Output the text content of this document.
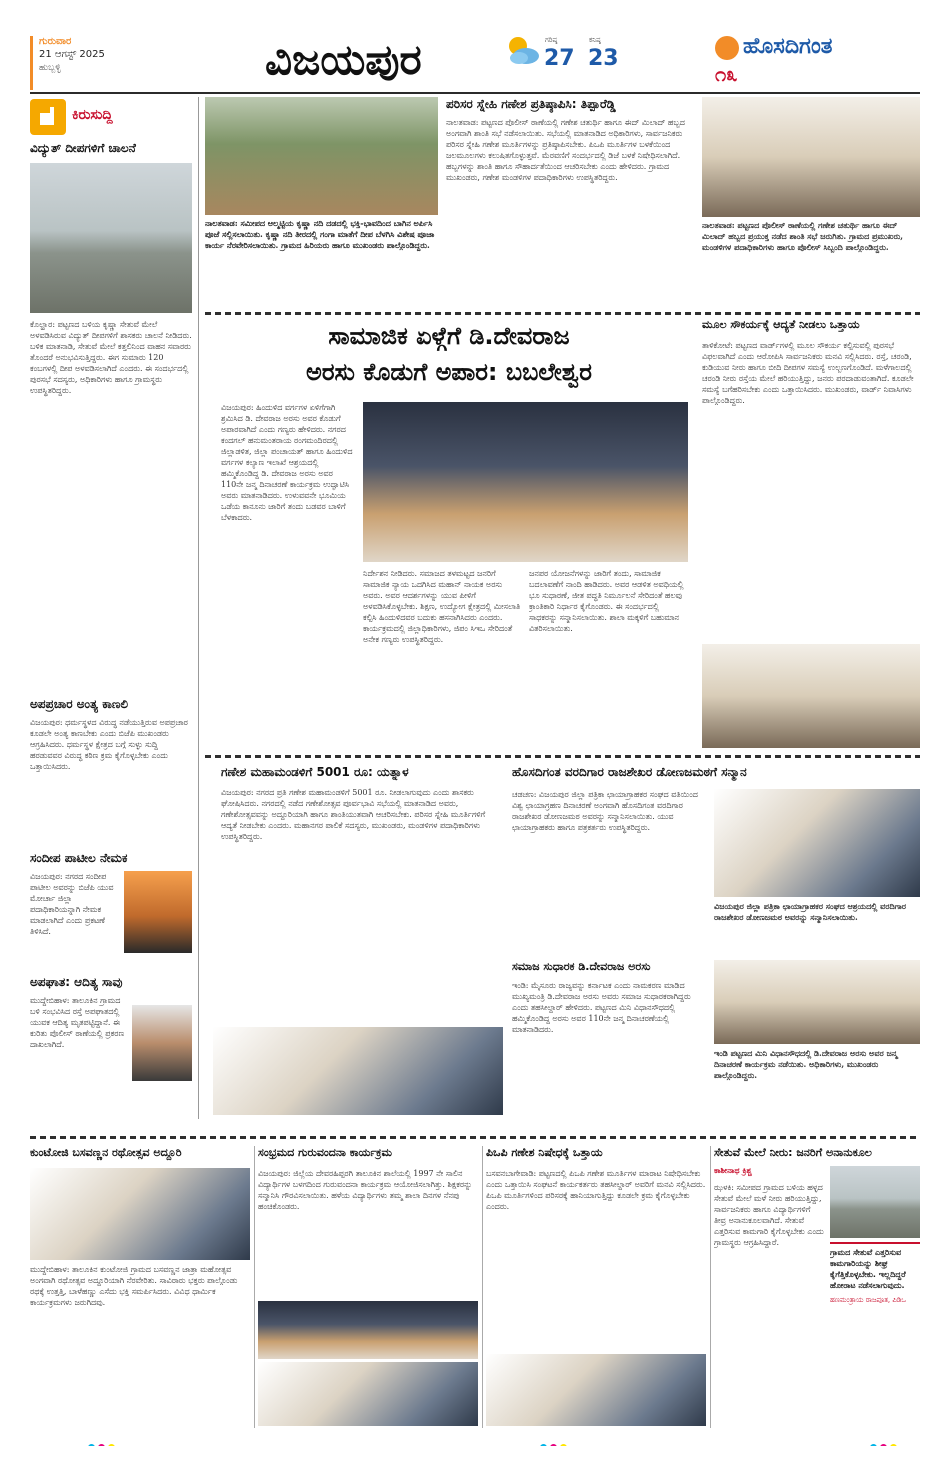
ಗುರುವಾರ
21 ಆಗಸ್ಟ್ 2025
ಹುಬ್ಬಳ್ಳಿ	ವಿಜಯಪುರ	ಗರಿಷ್ಠ
27
ಕನಿಷ್ಠ
23	ಹೊಸದಿಗಂತ
೧೩
ಕಿರುಸುದ್ದಿ
ವಿದ್ಯುತ್ ದೀಪಗಳಿಗೆ ಚಾಲನೆ
ಕೊಲ್ಹಾರ: ಪಟ್ಟಣದ ಬಳಿಯ ಕೃಷ್ಣಾ ಸೇತುವೆ ಮೇಲೆ ಅಳವಡಿಸಿರುವ ವಿದ್ಯುತ್ ದೀಪಗಳಿಗೆ ಶಾಸಕರು ಚಾಲನೆ ನೀಡಿದರು. ಬಳಿಕ ಮಾತನಾಡಿ, ಸೇತುವೆ ಮೇಲೆ ಕತ್ತಲಿನಿಂದ ವಾಹನ ಸವಾರರು ತೊಂದರೆ ಅನುಭವಿಸುತ್ತಿದ್ದರು. ಈಗ ಸುಮಾರು 120 ಕಂಬಗಳಲ್ಲಿ ದೀಪ ಅಳವಡಿಸಲಾಗಿದೆ ಎಂದರು. ಈ ಸಂದರ್ಭದಲ್ಲಿ ಪುರಸಭೆ ಸದಸ್ಯರು, ಅಧಿಕಾರಿಗಳು ಹಾಗೂ ಗ್ರಾಮಸ್ಥರು ಉಪಸ್ಥಿತರಿದ್ದರು.
ಅಪಪ್ರಚಾರ ಅಂತ್ಯ ಕಾಣಲಿ
ವಿಜಯಪುರ: ಧರ್ಮಸ್ಥಳದ ವಿರುದ್ಧ ನಡೆಯುತ್ತಿರುವ ಅಪಪ್ರಚಾರ ಕೂಡಲೇ ಅಂತ್ಯ ಕಾಣಬೇಕು ಎಂದು ಬಿಜೆಪಿ ಮುಖಂಡರು ಆಗ್ರಹಿಸಿದರು. ಧರ್ಮಸ್ಥಳ ಕ್ಷೇತ್ರದ ಬಗ್ಗೆ ಸುಳ್ಳು ಸುದ್ದಿ ಹರಡುವವರ ವಿರುದ್ಧ ಕಠಿಣ ಕ್ರಮ ಕೈಗೊಳ್ಳಬೇಕು ಎಂದು ಒತ್ತಾಯಿಸಿದರು.
ಸಂದೀಪ ಪಾಟೀಲ ನೇಮಕ
ವಿಜಯಪುರ: ನಗರದ ಸಂದೀಪ ಪಾಟೀಲ ಅವರನ್ನು ಬಿಜೆಪಿ ಯುವ ಮೋರ್ಚಾ ಜಿಲ್ಲಾ ಪದಾಧಿಕಾರಿಯನ್ನಾಗಿ ನೇಮಕ ಮಾಡಲಾಗಿದೆ ಎಂದು ಪ್ರಕಟಣೆ ತಿಳಿಸಿದೆ.
ಅಪಘಾತ: ಆದಿತ್ಯ ಸಾವು
ಮುದ್ದೇಬಿಹಾಳ: ತಾಲೂಕಿನ ಗ್ರಾಮದ ಬಳಿ ಸಂಭವಿಸಿದ ರಸ್ತೆ ಅಪಘಾತದಲ್ಲಿ ಯುವಕ ಆದಿತ್ಯ ಮೃತಪಟ್ಟಿದ್ದಾನೆ. ಈ ಕುರಿತು ಪೊಲೀಸ್ ಠಾಣೆಯಲ್ಲಿ ಪ್ರಕರಣ ದಾಖಲಾಗಿದೆ.
ನಾಲತವಾಡ: ಸಮೀಪದ ಆಲ್ಮಟ್ಟಿಯ ಕೃಷ್ಣಾ ನದಿ ದಡದಲ್ಲಿ ಭಕ್ತಿ-ಭಾವದಿಂದ ಬಾಗಿನ ಅರ್ಪಿಸಿ ಪೂಜೆ ಸಲ್ಲಿಸಲಾಯಿತು. ಕೃಷ್ಣಾ ನದಿ ತೀರದಲ್ಲಿ ಗಂಗಾ ಮಾತೆಗೆ ದೀಪ ಬೆಳಗಿಸಿ ವಿಶೇಷ ಪೂಜಾ ಕಾರ್ಯ ನೆರವೇರಿಸಲಾಯಿತು. ಗ್ರಾಮದ ಹಿರಿಯರು ಹಾಗೂ ಮುಖಂಡರು ಪಾಲ್ಗೊಂಡಿದ್ದರು.
ಪರಿಸರ ಸ್ನೇಹಿ ಗಣೇಶ ಪ್ರತಿಷ್ಠಾಪಿಸಿ: ತಿಪ್ಪಾರೆಡ್ಡಿ
ನಾಲತವಾಡ: ಪಟ್ಟಣದ ಪೊಲೀಸ್ ಠಾಣೆಯಲ್ಲಿ ಗಣೇಶ ಚತುರ್ಥಿ ಹಾಗೂ ಈದ್ ಮಿಲಾದ್ ಹಬ್ಬದ ಅಂಗವಾಗಿ ಶಾಂತಿ ಸಭೆ ನಡೆಸಲಾಯಿತು. ಸಭೆಯಲ್ಲಿ ಮಾತನಾಡಿದ ಅಧಿಕಾರಿಗಳು, ಸಾರ್ವಜನಿಕರು ಪರಿಸರ ಸ್ನೇಹಿ ಗಣೇಶ ಮೂರ್ತಿಗಳನ್ನು ಪ್ರತಿಷ್ಠಾಪಿಸಬೇಕು. ಪಿಒಪಿ ಮೂರ್ತಿಗಳ ಬಳಕೆಯಿಂದ ಜಲಮೂಲಗಳು ಕಲುಷಿತಗೊಳ್ಳುತ್ತವೆ. ಮೆರವಣಿಗೆ ಸಂದರ್ಭದಲ್ಲಿ ಡಿಜೆ ಬಳಕೆ ನಿಷೇಧಿಸಲಾಗಿದೆ. ಹಬ್ಬಗಳನ್ನು ಶಾಂತಿ ಹಾಗೂ ಸೌಹಾರ್ದತೆಯಿಂದ ಆಚರಿಸಬೇಕು ಎಂದು ಹೇಳಿದರು. ಗ್ರಾಮದ ಮುಖಂಡರು, ಗಣೇಶ ಮಂಡಳಿಗಳ ಪದಾಧಿಕಾರಿಗಳು ಉಪಸ್ಥಿತರಿದ್ದರು.
ನಾಲತವಾಡ: ಪಟ್ಟಣದ ಪೊಲೀಸ್ ಠಾಣೆಯಲ್ಲಿ ಗಣೇಶ ಚತುರ್ಥಿ ಹಾಗೂ ಈದ್ ಮಿಲಾದ್ ಹಬ್ಬದ ಪ್ರಯುಕ್ತ ನಡೆದ ಶಾಂತಿ ಸಭೆ ಜರುಗಿತು. ಗ್ರಾಮದ ಪ್ರಮುಖರು, ಮಂಡಳಿಗಳ ಪದಾಧಿಕಾರಿಗಳು ಹಾಗೂ ಪೊಲೀಸ್ ಸಿಬ್ಬಂದಿ ಪಾಲ್ಗೊಂಡಿದ್ದರು.
ಸಾಮಾಜಿಕ ಏಳ್ಗೆಗೆ ಡಿ.ದೇವರಾಜ
ಅರಸು ಕೊಡುಗೆ ಅಪಾರ: ಬಬಲೇಶ್ವರ
ವಿಜಯಪುರ: ಹಿಂದುಳಿದ ವರ್ಗಗಳ ಏಳಿಗೆಗಾಗಿ ಶ್ರಮಿಸಿದ ಡಿ. ದೇವರಾಜ ಅರಸು ಅವರ ಕೊಡುಗೆ ಅಪಾರವಾಗಿದೆ ಎಂದು ಗಣ್ಯರು ಹೇಳಿದರು. ನಗರದ ಕಂದಗಲ್ ಹನುಮಂತರಾಯ ರಂಗಮಂದಿರದಲ್ಲಿ ಜಿಲ್ಲಾಡಳಿತ, ಜಿಲ್ಲಾ ಪಂಚಾಯತ್ ಹಾಗೂ ಹಿಂದುಳಿದ ವರ್ಗಗಳ ಕಲ್ಯಾಣ ಇಲಾಖೆ ಆಶ್ರಯದಲ್ಲಿ ಹಮ್ಮಿಕೊಂಡಿದ್ದ ಡಿ. ದೇವರಾಜ ಅರಸು ಅವರ 110ನೇ ಜನ್ಮ ದಿನಾಚರಣೆ ಕಾರ್ಯಕ್ರಮ ಉದ್ಘಾಟಿಸಿ ಅವರು ಮಾತನಾಡಿದರು. ಉಳುವವನೇ ಭೂಮಿಯ ಒಡೆಯ ಕಾನೂನು ಜಾರಿಗೆ ತಂದು ಬಡವರ ಬಾಳಿಗೆ ಬೆಳಕಾದರು.
ನಿರ್ದೇಶನ ನೀಡಿದರು. ಸಮಾಜದ ತಳಮಟ್ಟದ ಜನರಿಗೆ ಸಾಮಾಜಿಕ ನ್ಯಾಯ ಒದಗಿಸಿದ ಮಹಾನ್ ನಾಯಕ ಅರಸು ಅವರು. ಅವರ ಆದರ್ಶಗಳನ್ನು ಯುವ ಪೀಳಿಗೆ ಅಳವಡಿಸಿಕೊಳ್ಳಬೇಕು. ಶಿಕ್ಷಣ, ಉದ್ಯೋಗ ಕ್ಷೇತ್ರದಲ್ಲಿ ಮೀಸಲಾತಿ ಕಲ್ಪಿಸಿ ಹಿಂದುಳಿದವರ ಬದುಕು ಹಸನಾಗಿಸಿದರು ಎಂದರು. ಕಾರ್ಯಕ್ರಮದಲ್ಲಿ ಜಿಲ್ಲಾಧಿಕಾರಿಗಳು, ಜಿಪಂ ಸಿಇಒ ಸೇರಿದಂತೆ ಅನೇಕ ಗಣ್ಯರು ಉಪಸ್ಥಿತರಿದ್ದರು.
ಜನಪರ ಯೋಜನೆಗಳನ್ನು ಜಾರಿಗೆ ತಂದು, ಸಾಮಾಜಿಕ ಬದಲಾವಣೆಗೆ ನಾಂದಿ ಹಾಡಿದರು. ಅವರ ಆಡಳಿತ ಅವಧಿಯಲ್ಲಿ ಭೂ ಸುಧಾರಣೆ, ಜೀತ ಪದ್ಧತಿ ನಿರ್ಮೂಲನೆ ಸೇರಿದಂತೆ ಹಲವು ಕ್ರಾಂತಿಕಾರಿ ನಿರ್ಧಾರ ಕೈಗೊಂಡರು. ಈ ಸಂದರ್ಭದಲ್ಲಿ ಸಾಧಕರನ್ನು ಸನ್ಮಾನಿಸಲಾಯಿತು. ಶಾಲಾ ಮಕ್ಕಳಿಗೆ ಬಹುಮಾನ ವಿತರಿಸಲಾಯಿತು.
ಮೂಲ ಸೌಕರ್ಯಕ್ಕೆ ಆದ್ಯತೆ ನೀಡಲು ಒತ್ತಾಯ
ತಾಳಿಕೋಟೆ: ಪಟ್ಟಣದ ವಾರ್ಡ್‌ಗಳಲ್ಲಿ ಮೂಲ ಸೌಕರ್ಯ ಕಲ್ಪಿಸುವಲ್ಲಿ ಪುರಸಭೆ ವಿಫಲವಾಗಿದೆ ಎಂದು ಆರೋಪಿಸಿ ಸಾರ್ವಜನಿಕರು ಮನವಿ ಸಲ್ಲಿಸಿದರು. ರಸ್ತೆ, ಚರಂಡಿ, ಕುಡಿಯುವ ನೀರು ಹಾಗೂ ಬೀದಿ ದೀಪಗಳ ಸಮಸ್ಯೆ ಉಲ್ಬಣಗೊಂಡಿದೆ. ಮಳೆಗಾಲದಲ್ಲಿ ಚರಂಡಿ ನೀರು ರಸ್ತೆಯ ಮೇಲೆ ಹರಿಯುತ್ತಿದ್ದು, ಜನರು ಪರದಾಡುವಂತಾಗಿದೆ. ಕೂಡಲೇ ಸಮಸ್ಯೆ ಬಗೆಹರಿಸಬೇಕು ಎಂದು ಒತ್ತಾಯಿಸಿದರು. ಮುಖಂಡರು, ವಾರ್ಡ್ ನಿವಾಸಿಗಳು ಪಾಲ್ಗೊಂಡಿದ್ದರು.
ಗಣೇಶ ಮಹಾಮಂಡಳಿಗೆ 5001 ರೂ: ಯತ್ನಾಳ
ವಿಜಯಪುರ: ನಗರದ ಪ್ರತಿ ಗಣೇಶ ಮಹಾಮಂಡಳಿಗೆ 5001 ರೂ. ನೀಡಲಾಗುವುದು ಎಂದು ಶಾಸಕರು ಘೋಷಿಸಿದರು. ನಗರದಲ್ಲಿ ನಡೆದ ಗಣೇಶೋತ್ಸವ ಪೂರ್ವಭಾವಿ ಸಭೆಯಲ್ಲಿ ಮಾತನಾಡಿದ ಅವರು, ಗಣೇಶೋತ್ಸವವನ್ನು ಅದ್ದೂರಿಯಾಗಿ ಹಾಗೂ ಶಾಂತಿಯುತವಾಗಿ ಆಚರಿಸಬೇಕು. ಪರಿಸರ ಸ್ನೇಹಿ ಮೂರ್ತಿಗಳಿಗೆ ಆದ್ಯತೆ ನೀಡಬೇಕು ಎಂದರು. ಮಹಾನಗರ ಪಾಲಿಕೆ ಸದಸ್ಯರು, ಮುಖಂಡರು, ಮಂಡಳಿಗಳ ಪದಾಧಿಕಾರಿಗಳು ಉಪಸ್ಥಿತರಿದ್ದರು.
ಹೊಸದಿಗಂತ ವರದಿಗಾರ ರಾಜಶೇಖರ ಡೋಣಜಮಠಗೆ ಸನ್ಮಾನ
ಚಡಚಣ: ವಿಜಯಪುರ ಜಿಲ್ಲಾ ಪತ್ರಿಕಾ ಛಾಯಾಗ್ರಾಹಕರ ಸಂಘದ ವತಿಯಿಂದ ವಿಶ್ವ ಛಾಯಾಗ್ರಹಣ ದಿನಾಚರಣೆ ಅಂಗವಾಗಿ ಹೊಸದಿಗಂತ ವರದಿಗಾರ ರಾಜಶೇಖರ ಡೋಣಜಮಠ ಅವರನ್ನು ಸನ್ಮಾನಿಸಲಾಯಿತು. ಯುವ ಛಾಯಾಗ್ರಾಹಕರು ಹಾಗೂ ಪತ್ರಕರ್ತರು ಉಪಸ್ಥಿತರಿದ್ದರು.
ವಿಜಯಪುರ ಜಿಲ್ಲಾ ಪತ್ರಿಕಾ ಛಾಯಾಗ್ರಾಹಕರ ಸಂಘದ ಆಶ್ರಯದಲ್ಲಿ ವರದಿಗಾರ ರಾಜಶೇಖರ ಡೋಣಜಮಠ ಅವರನ್ನು ಸನ್ಮಾನಿಸಲಾಯಿತು.
ಸಮಾಜ ಸುಧಾರಕ ಡಿ.ದೇವರಾಜ ಅರಸು
ಇಂಡಿ: ಮೈಸೂರು ರಾಜ್ಯವನ್ನು ಕರ್ನಾಟಕ ಎಂದು ನಾಮಕರಣ ಮಾಡಿದ ಮುಖ್ಯಮಂತ್ರಿ ಡಿ.ದೇವರಾಜ ಅರಸು ಅವರು ಸಮಾಜ ಸುಧಾರಕರಾಗಿದ್ದರು ಎಂದು ತಹಸೀಲ್ದಾರ್ ಹೇಳಿದರು. ಪಟ್ಟಣದ ಮಿನಿ ವಿಧಾನಸೌಧದಲ್ಲಿ ಹಮ್ಮಿಕೊಂಡಿದ್ದ ಅರಸು ಅವರ 110ನೇ ಜನ್ಮ ದಿನಾಚರಣೆಯಲ್ಲಿ ಮಾತನಾಡಿದರು.
ಇಂಡಿ ಪಟ್ಟಣದ ಮಿನಿ ವಿಧಾನಸೌಧದಲ್ಲಿ ಡಿ.ದೇವರಾಜ ಅರಸು ಅವರ ಜನ್ಮ ದಿನಾಚರಣೆ ಕಾರ್ಯಕ್ರಮ ನಡೆಯಿತು. ಅಧಿಕಾರಿಗಳು, ಮುಖಂಡರು ಪಾಲ್ಗೊಂಡಿದ್ದರು.
ಕುಂಟೋಜಿ ಬಸವಣ್ಣನ ರಥೋತ್ಸವ ಅದ್ದೂರಿ
ಮುದ್ದೇಬಿಹಾಳ: ತಾಲೂಕಿನ ಕುಂಟೋಜಿ ಗ್ರಾಮದ ಬಸವಣ್ಣನ ಜಾತ್ರಾ ಮಹೋತ್ಸವ ಅಂಗವಾಗಿ ರಥೋತ್ಸವ ಅದ್ದೂರಿಯಾಗಿ ನೆರವೇರಿತು. ಸಾವಿರಾರು ಭಕ್ತರು ಪಾಲ್ಗೊಂಡು ರಥಕ್ಕೆ ಉತ್ತತ್ತಿ, ಬಾಳೆಹಣ್ಣು ಎಸೆದು ಭಕ್ತಿ ಸಮರ್ಪಿಸಿದರು. ವಿವಿಧ ಧಾರ್ಮಿಕ ಕಾರ್ಯಕ್ರಮಗಳು ಜರುಗಿದವು.
ಸಂಭ್ರಮದ ಗುರುವಂದನಾ ಕಾರ್ಯಕ್ರಮ
ವಿಜಯಪುರ: ಜಿಲ್ಲೆಯ ದೇವರಹಿಪ್ಪರಗಿ ತಾಲೂಕಿನ ಶಾಲೆಯಲ್ಲಿ 1997 ನೇ ಸಾಲಿನ ವಿದ್ಯಾರ್ಥಿಗಳ ಬಳಗದಿಂದ ಗುರುವಂದನಾ ಕಾರ್ಯಕ್ರಮ ಆಯೋಜಿಸಲಾಗಿತ್ತು. ಶಿಕ್ಷಕರನ್ನು ಸನ್ಮಾನಿಸಿ ಗೌರವಿಸಲಾಯಿತು. ಹಳೆಯ ವಿದ್ಯಾರ್ಥಿಗಳು ತಮ್ಮ ಶಾಲಾ ದಿನಗಳ ನೆನಪು ಹಂಚಿಕೊಂಡರು.
ಪಿಒಪಿ ಗಣೇಶ ನಿಷೇಧಕ್ಕೆ ಒತ್ತಾಯ
ಬಸವನಬಾಗೇವಾಡಿ: ಪಟ್ಟಣದಲ್ಲಿ ಪಿಒಪಿ ಗಣೇಶ ಮೂರ್ತಿಗಳ ಮಾರಾಟ ನಿಷೇಧಿಸಬೇಕು ಎಂದು ಒತ್ತಾಯಿಸಿ ಸಂಘಟನೆ ಕಾರ್ಯಕರ್ತರು ತಹಸೀಲ್ದಾರ್ ಅವರಿಗೆ ಮನವಿ ಸಲ್ಲಿಸಿದರು. ಪಿಒಪಿ ಮೂರ್ತಿಗಳಿಂದ ಪರಿಸರಕ್ಕೆ ಹಾನಿಯಾಗುತ್ತಿದ್ದು ಕೂಡಲೇ ಕ್ರಮ ಕೈಗೊಳ್ಳಬೇಕು ಎಂದರು.
ಸೇತುವೆ ಮೇಲೆ ನೀರು: ಜನರಿಗೆ ಅನಾನುಕೂಲ
ಕಾಶೀನಾಥ ಕ್ರಿಶ್ಚ
ಝಳಕಿ: ಸಮೀಪದ ಗ್ರಾಮದ ಬಳಿಯ ಹಳ್ಳದ ಸೇತುವೆ ಮೇಲೆ ಮಳೆ ನೀರು ಹರಿಯುತ್ತಿದ್ದು, ಸಾರ್ವಜನಿಕರು ಹಾಗೂ ವಿದ್ಯಾರ್ಥಿಗಳಿಗೆ ತೀವ್ರ ಅನಾನುಕೂಲವಾಗಿದೆ. ಸೇತುವೆ ಎತ್ತರಿಸುವ ಕಾಮಗಾರಿ ಕೈಗೊಳ್ಳಬೇಕು ಎಂದು ಗ್ರಾಮಸ್ಥರು ಆಗ್ರಹಿಸಿದ್ದಾರೆ.
ಗ್ರಾಮದ ಸೇತುವೆ ಎತ್ತರಿಸುವ ಕಾಮಗಾರಿಯನ್ನು ಶೀಘ್ರ ಕೈಗೆತ್ತಿಕೊಳ್ಳಬೇಕು. ಇಲ್ಲದಿದ್ದರೆ ಹೋರಾಟ ನಡೆಸಲಾಗುವುದು.
ಹಣಮಂತ್ರಾಯ ರಾಜಪೂತ, ಪಿಡಿಒ
